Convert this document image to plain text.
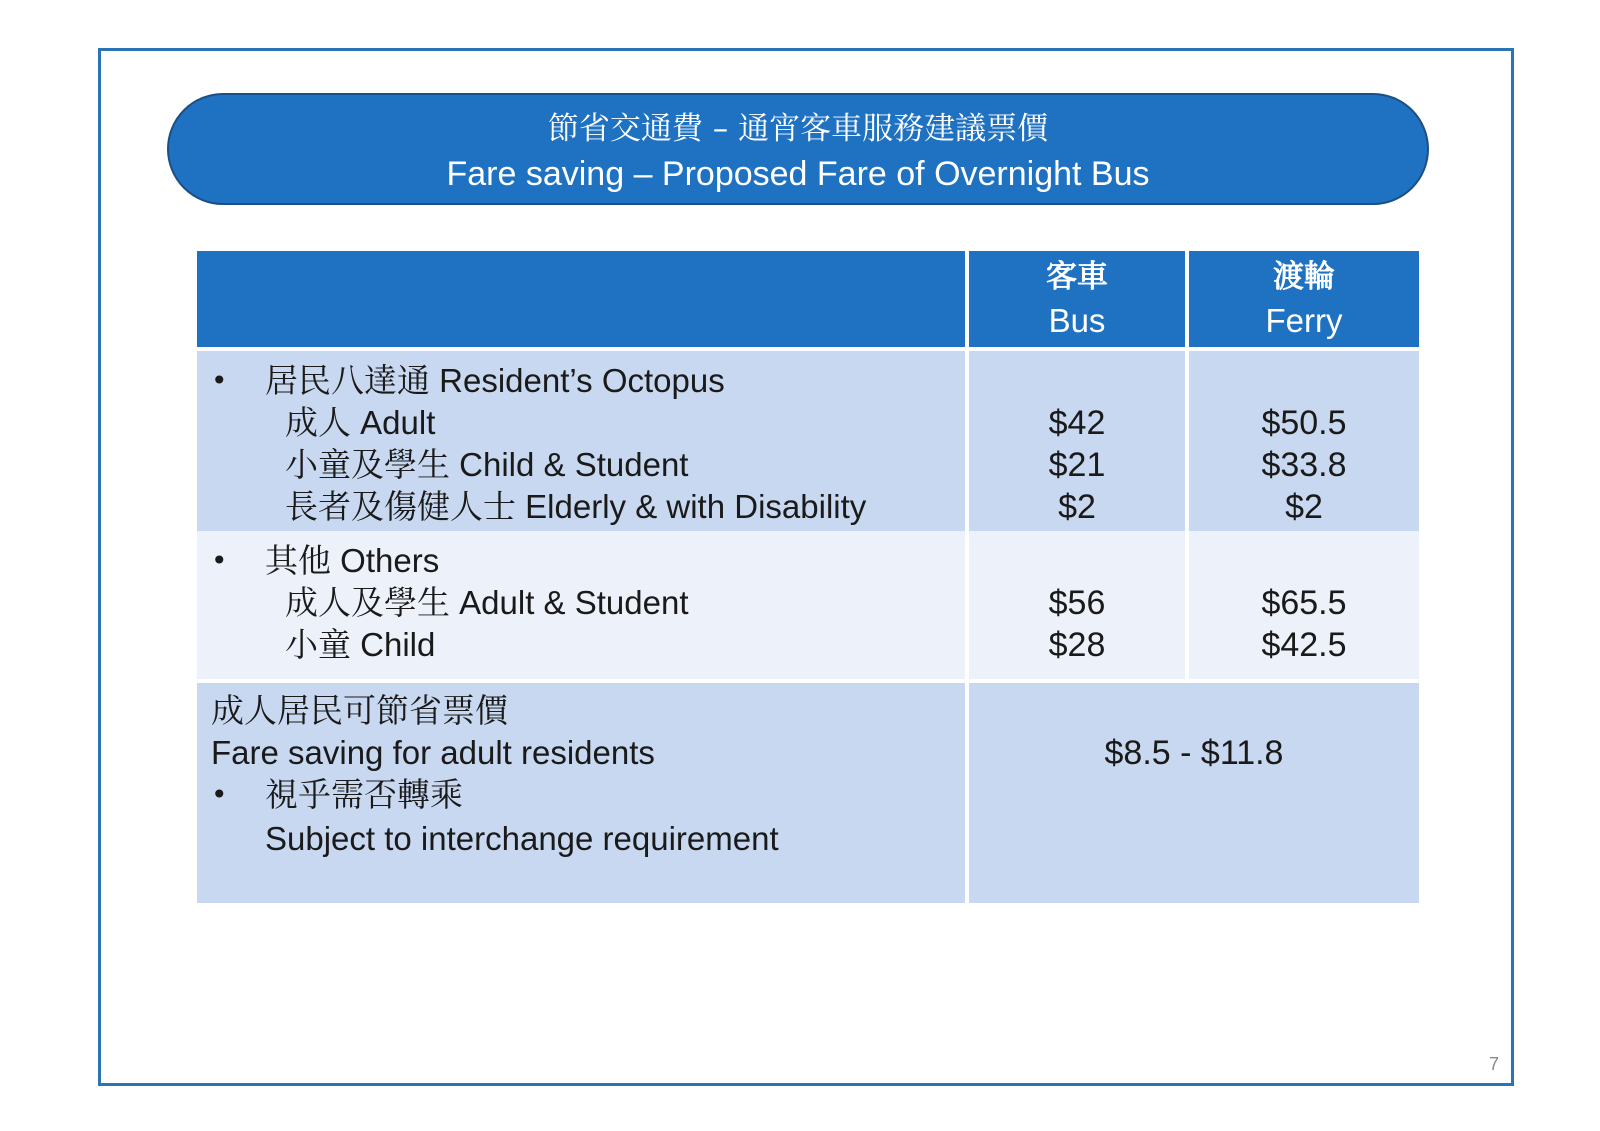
節省交通費 – 通宵客車服務建議票價
Fare saving – Proposed Fare of Overnight Bus
客車
Bus
渡輪
Ferry
• 居民八達通 Resident’s Octopus
成人 Adult
小童及學生 Child & Student
長者及傷健人士 Elderly & with Disability
$42
$21
$2
$50.5
$33.8
$2
• 其他 Others
成人及學生 Adult & Student
小童 Child
$56
$28
$65.5
$42.5
成人居民可節省票價
Fare saving for adult residents
• 視乎需否轉乘
Subject to interchange requirement
$8.5 - $11.8
7
